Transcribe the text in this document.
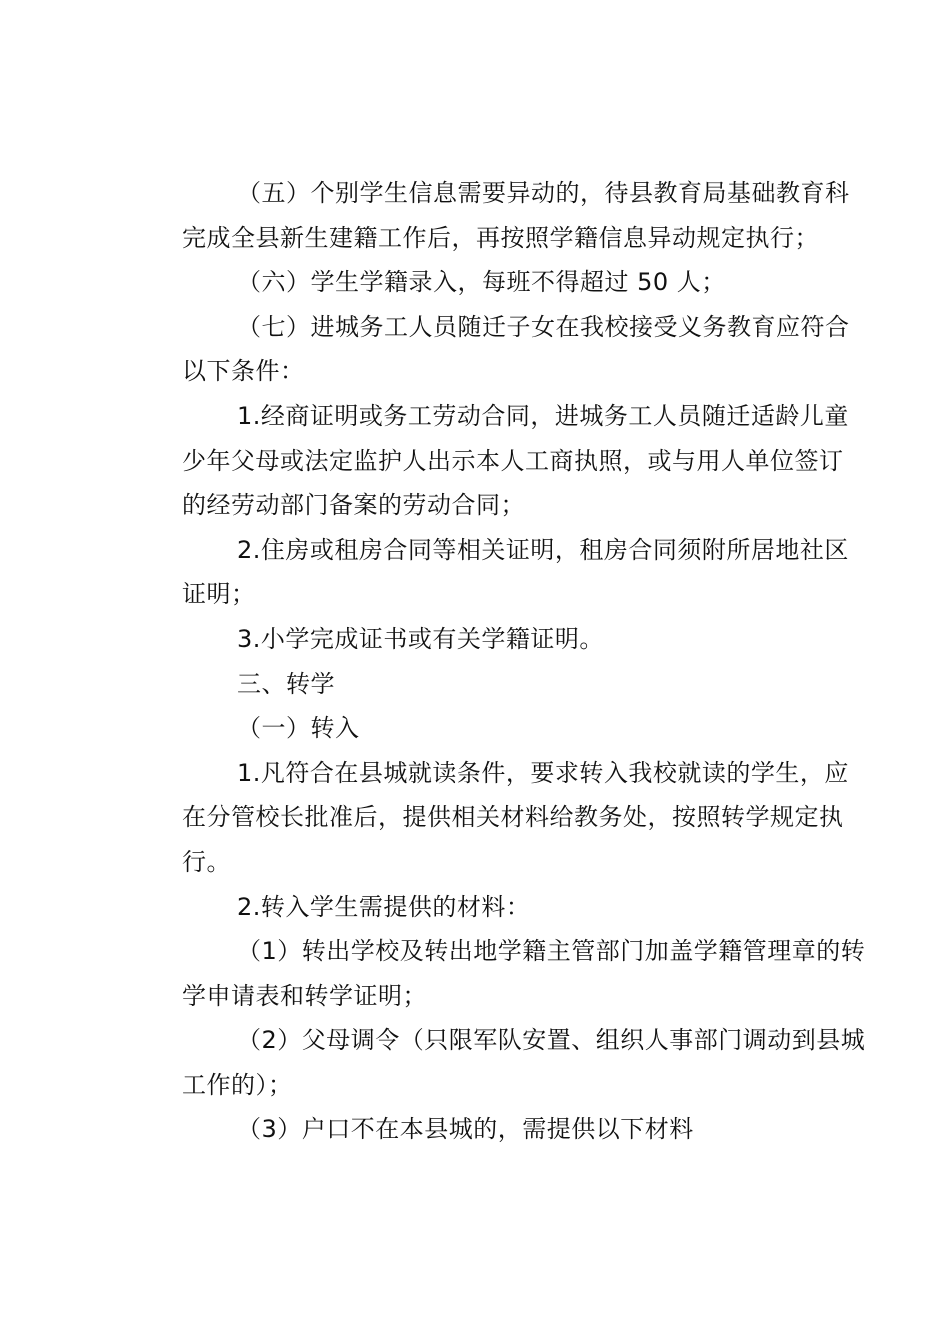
（五）个别学生信息需要异动的，待县教育局基础教育科
完成全县新生建籍工作后，再按照学籍信息异动规定执行；

（六）学生学籍录入，每班不得超过 50 人；

（七）进城务工人员随迁子女在我校接受义务教育应符合
以下条件：

1.经商证明或务工劳动合同，进城务工人员随迁适龄儿童
少年父母或法定监护人出示本人工商执照，或与用人单位签订
的经劳动部门备案的劳动合同；

2.住房或租房合同等相关证明，租房合同须附所居地社区
证明；

3.小学完成证书或有关学籍证明。

三、转学

（一）转入

1.凡符合在县城就读条件，要求转入我校就读的学生，应
在分管校长批准后，提供相关材料给教务处，按照转学规定执
行。

2.转入学生需提供的材料：

（1）转出学校及转出地学籍主管部门加盖学籍管理章的转
学申请表和转学证明；

（2）父母调令（只限军队安置、组织人事部门调动到县城
工作的）；

（3）户口不在本县城的，需提供以下材料
